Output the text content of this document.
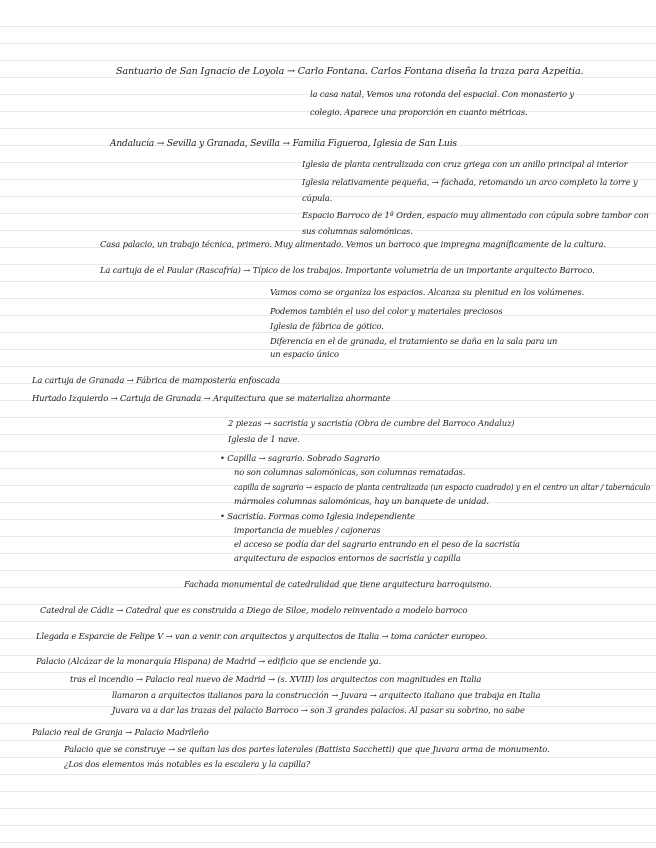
Santuario de San Ignacio de Loyola → Carlo Fontana. Carlos Fontana diseña la traza para Azpeitia.
la casa natal, Vemos una rotonda del espacial. Con monasterio y
colegio. Aparece una proporción en cuanto métricas.
Andalucía → Sevilla y Granada, Sevilla → Familia Figueroa, Iglesia de San Luis
Iglesia de planta centralizada con cruz griega con un anillo principal al interior
Iglesia relativamente pequeña, → fachada, retomando un arco completo la torre y
cúpula.
Espacio Barroco de 1ª Orden, espacio muy alimentado con cúpula sobre tambor con
sus columnas salomónicas.
Casa palacio, un trabajo técnica, primero. Muy alimentado. Vemos un barroco que impregna magníficamente de la cultura.
La cartuja de el Paular (Rascafría) → Típico de los trabajos. Importante volumetría de un importante arquitecto Barroco.
Vamos como se organiza los espacios. Alcanza su plenitud en los volúmenes.
Podemos también el uso del color y materiales preciosos
Iglesia de fábrica de gótico.
Diferencia en el de granada, el tratamiento se daña en la sala para un
un espacio único
La cartuja de Granada → Fábrica de mampostería enfoscada
Hurtado Izquierdo → Cartuja de Granada → Arquitectura que se materializa ahormante
2 piezas → sacristía y sacristía (Obra de cumbre del Barroco Andaluz)
Iglesia de 1 nave.
• Capilla → sagrario. Sobrado Sagrario
no son columnas salomónicas, son columnas rematadas.
capilla de sagrario → espacio de planta centralizada (un espacio cuadrado) y en el centro un altar / tabernáculo
mármoles columnas salomónicas, hay un banquete de unidad.
• Sacristía. Formas como Iglesia independiente
importancia de muebles / cajoneras
el acceso se podía dar del sagrario entrando en el peso de la sacristía
arquitectura de espacios entornos de sacristía y capilla
Fachada monumental de catedralidad que tiene arquitectura barroquismo.
Catedral de Cádiz → Catedral que es construida a Diego de Siloe, modelo reinventado a modelo barroco
Llegada e Esparcie de Felipe V → van a venir con arquitectos y arquitectos de Italia → toma carácter europeo.
Palacio (Alcázar de la monarquía Hispana) de Madrid → edificio que se enciende ya.
tras el incendio → Palacio real nuevo de Madrid → (s. XVIII) los arquitectos con magnitudes en Italia
llamaron a arquitectos italianos para la construcción → Juvara → arquitecto italiano que trabaja en Italia
Juvara va a dar las trazas del palacio Barroco → son 3 grandes palacios. Al pasar su sobrino, no sabe
Palacio real de Granja → Palacio Madrileño
Palacio que se construye → se quitan las dos partes laterales (Battista Sacchetti) que que Juvara arma de monumento.
¿Los dos elementos más notables es la escalera y la capilla?
